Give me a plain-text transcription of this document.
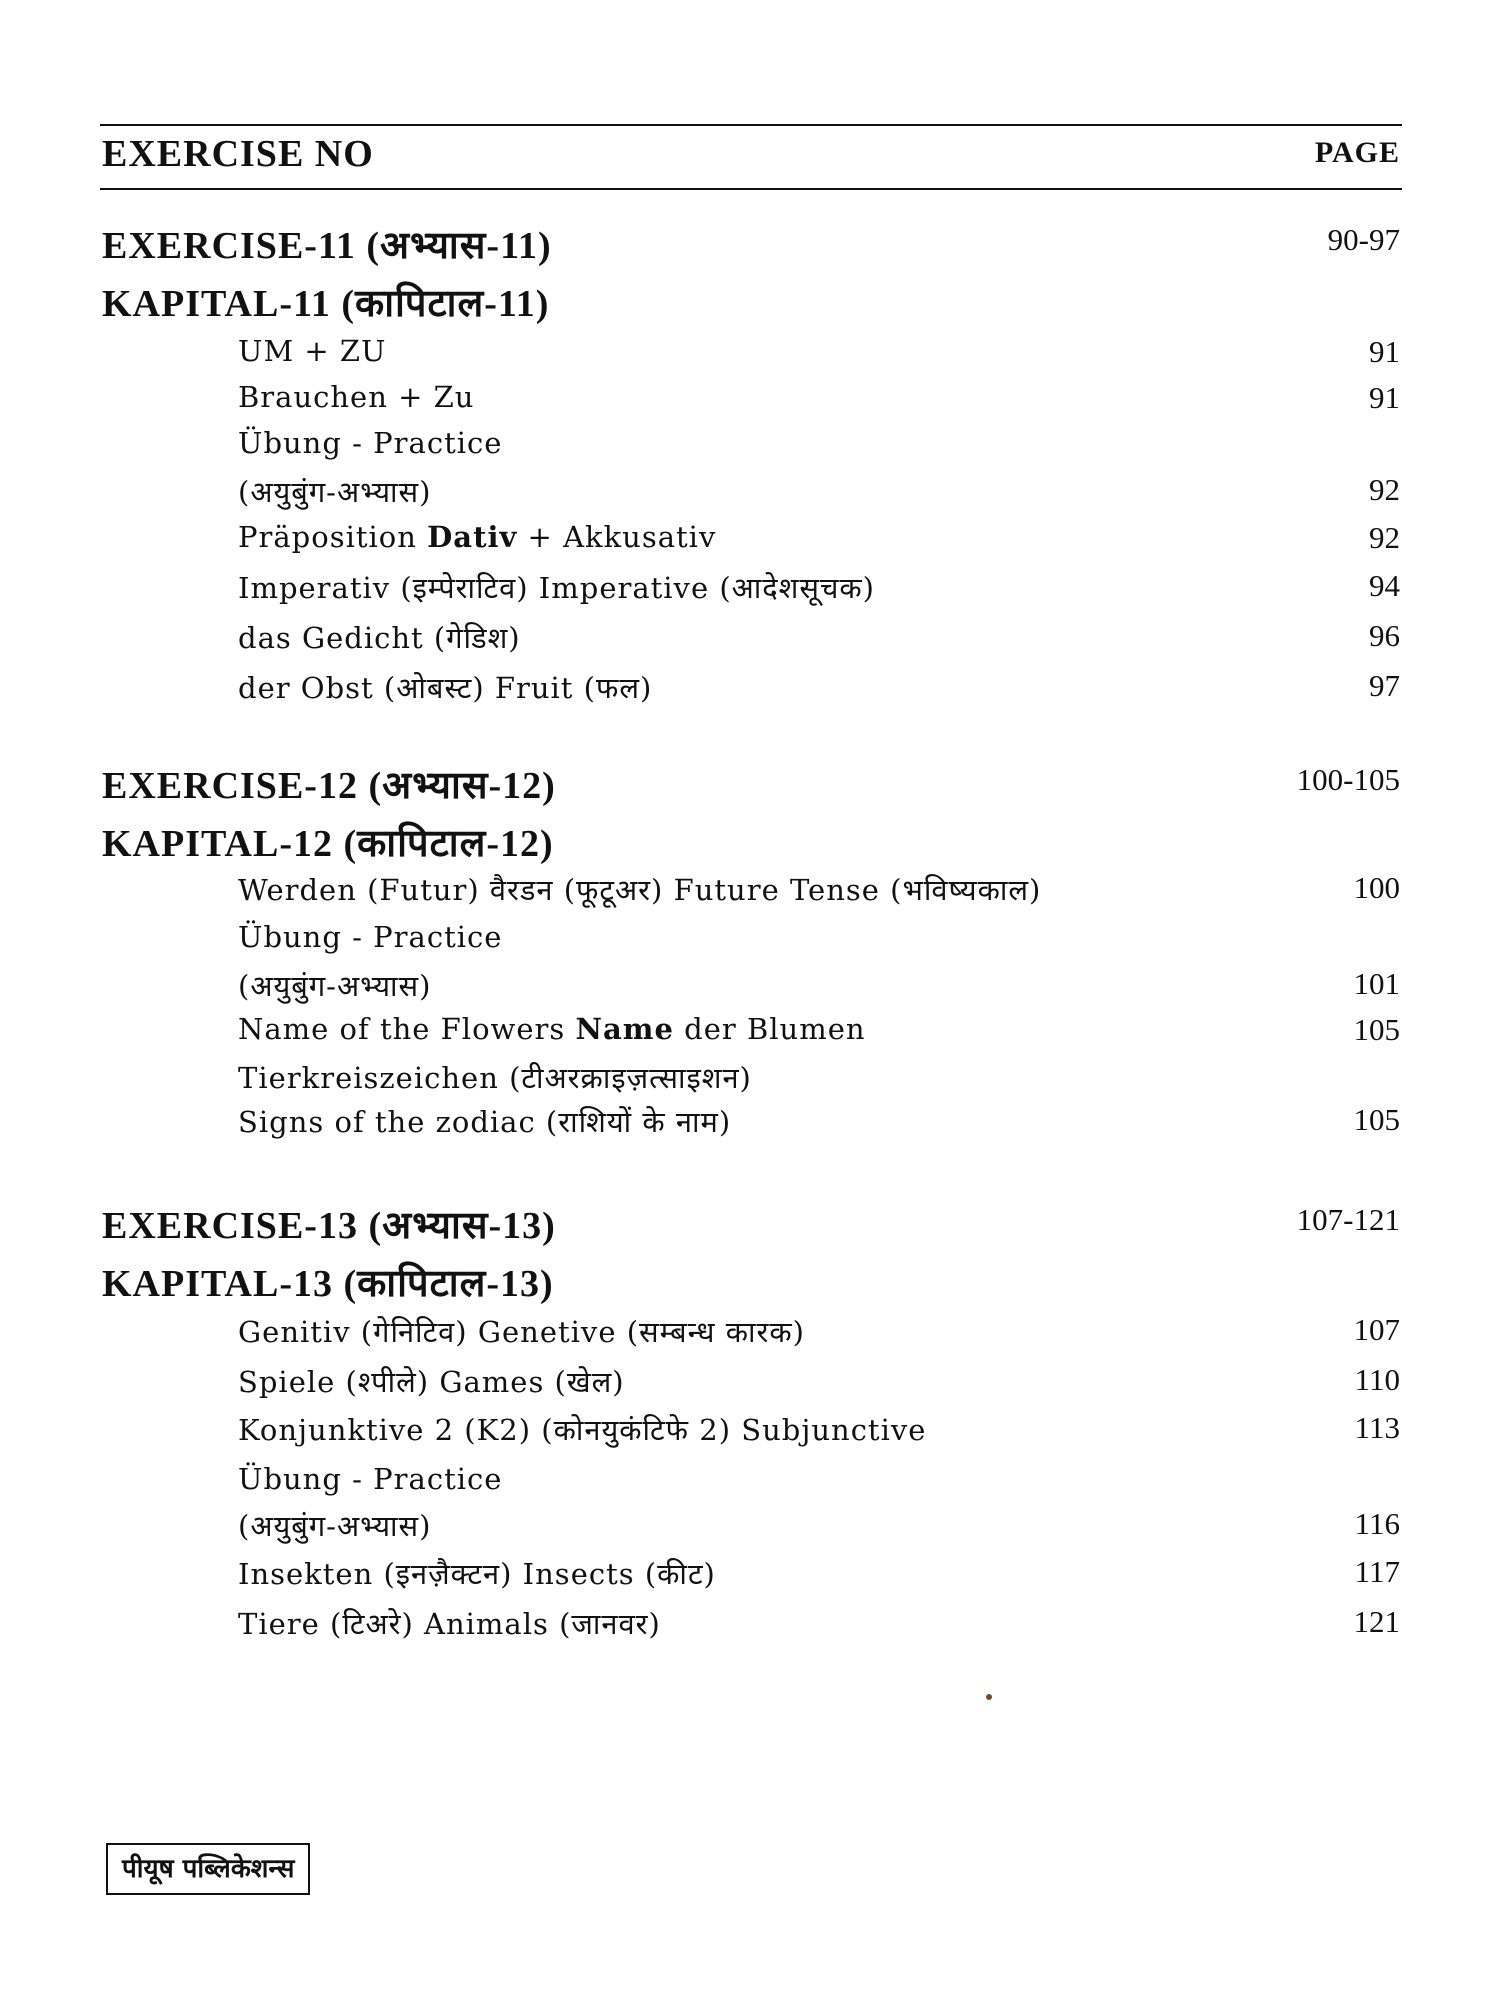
EXERCISE NO	PAGE
EXERCISE-11 (अभ्यास-11)	90-97
KAPITAL-11 (कापिटाल-11)
UM + ZU	91
Brauchen + Zu	91
Übung - Practice
(अयुबुंग-अभ्यास)	92
Präposition Dativ + Akkusativ	92
Imperativ (इम्पेराटिव) Imperative (आदेशसूचक)	94
das Gedicht (गेडिश)	96
der Obst (ओबस्ट) Fruit (फल)	97
EXERCISE-12 (अभ्यास-12)	100-105
KAPITAL-12 (कापिटाल-12)
Werden (Futur) वैरडन (फूटूअर) Future Tense (भविष्यकाल)	100
Übung - Practice
(अयुबुंग-अभ्यास)	101
Name of the Flowers Name der Blumen	105
Tierkreiszeichen (टीअरक्राइज़त्साइशन)
Signs of the zodiac (राशियों के नाम)	105
EXERCISE-13 (अभ्यास-13)	107-121
KAPITAL-13 (कापिटाल-13)
Genitiv (गेनिटिव) Genetive (सम्बन्ध कारक)	107
Spiele (श्पीले) Games (खेल)	110
Konjunktive 2 (K2) (कोनयुकंटिफे 2) Subjunctive	113
Übung - Practice
(अयुबुंग-अभ्यास)	116
Insekten (इनज़ैक्टन) Insects (कीट)	117
Tiere (टिअरे) Animals (जानवर)	121
पीयूष पब्लिकेशन्स
